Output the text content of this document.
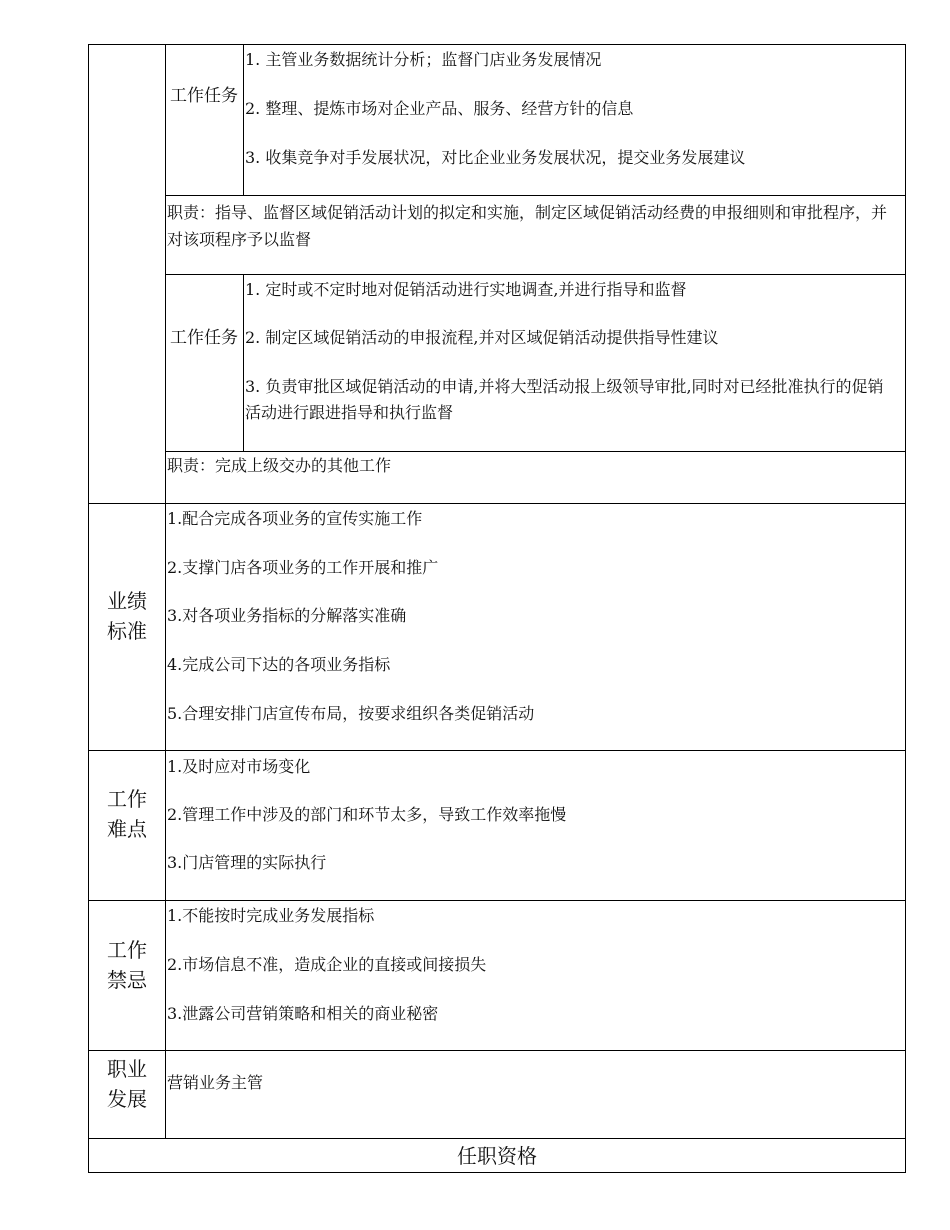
工作任务
1. 主管业务数据统计分析；监督门店业务发展情况
2. 整理、提炼市场对企业产品、服务、经营方针的信息
3. 收集竞争对手发展状况，对比企业业务发展状况，提交业务发展建议
职责：指导、监督区域促销活动计划的拟定和实施，制定区域促销活动经费的申报细则和审批程序，并对该项程序予以监督
工作任务
1. 定时或不定时地对促销活动进行实地调查,并进行指导和监督
2. 制定区域促销活动的申报流程,并对区域促销活动提供指导性建议
3. 负责审批区域促销活动的申请,并将大型活动报上级领导审批,同时对已经批准执行的促销活动进行跟进指导和执行监督
职责：完成上级交办的其他工作
业绩标准
1.配合完成各项业务的宣传实施工作
2.支撑门店各项业务的工作开展和推广
3.对各项业务指标的分解落实准确
4.完成公司下达的各项业务指标
5.合理安排门店宣传布局，按要求组织各类促销活动
工作难点
1.及时应对市场变化
2.管理工作中涉及的部门和环节太多，导致工作效率拖慢
3.门店管理的实际执行
工作禁忌
1.不能按时完成业务发展指标
2.市场信息不准，造成企业的直接或间接损失
3.泄露公司营销策略和相关的商业秘密
职业发展
营销业务主管
任职资格
